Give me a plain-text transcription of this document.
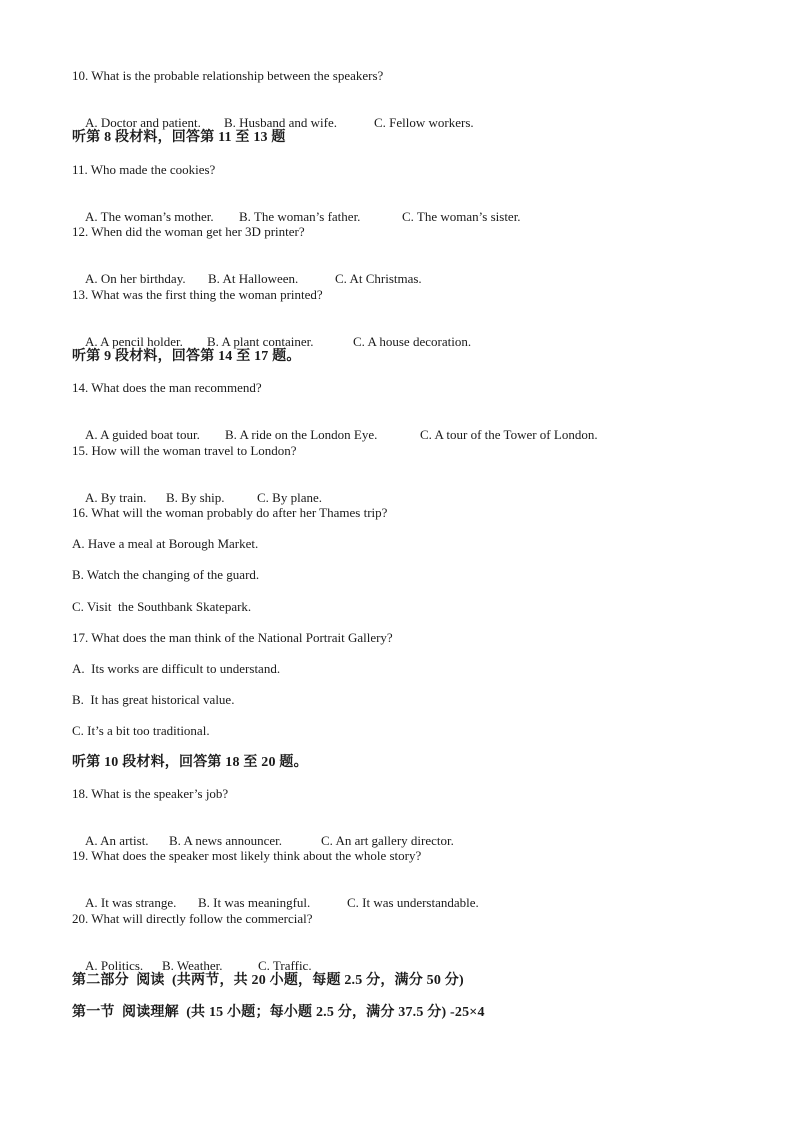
10. What is the probable relationship between the speakers?

A. Doctor and patient. B. Husband and wife.	C. Fellow workers.

听第 8 段材料，回答第 11 至 13 题
11. Who made the cookies?

A. The woman’s mother. B. The woman’s father.	C. The woman’s sister.

12. When did the woman get her 3D printer?

A. On her birthday. B. At Halloween.	C. At Christmas.

13. What was the first thing the woman printed?

A. A pencil holder. B. A plant container.	C. A house decoration.

听第 9 段材料，回答第 14 至 17 题。
14. What does the man recommend?

A. A guided boat tour. B. A ride on the London Eye.	C. A tour of the Tower of London.

15. How will the woman travel to London?

A. By train. B. By ship. C. By plane.

16. What will the woman probably do after her Thames trip?
A. Have a meal at Borough Market.
B. Watch the changing of the guard.
C. Visit  the Southbank Skatepark.
17. What does the man think of the National Portrait Gallery?
A.  Its works are difficult to understand.
B.  It has great historical value.
C. It’s a bit too traditional.
听第 10 段材料，回答第 18 至 20 题。
18. What is the speaker’s job?

A. An artist. B. A news announcer.	C. An art gallery director.

19. What does the speaker most likely think about the whole story?

A. It was strange. B. It was meaningful.	C. It was understandable.

20. What will directly follow the commercial?

A. Politics. B. Weather.	C. Traffic.

第二部分  阅读  (共两节，共 20 小题，每题 2.5 分，满分 50 分)
第一节  阅读理解  (共 15 小题；每小题 2.5 分，满分 37.5 分) -25×4
